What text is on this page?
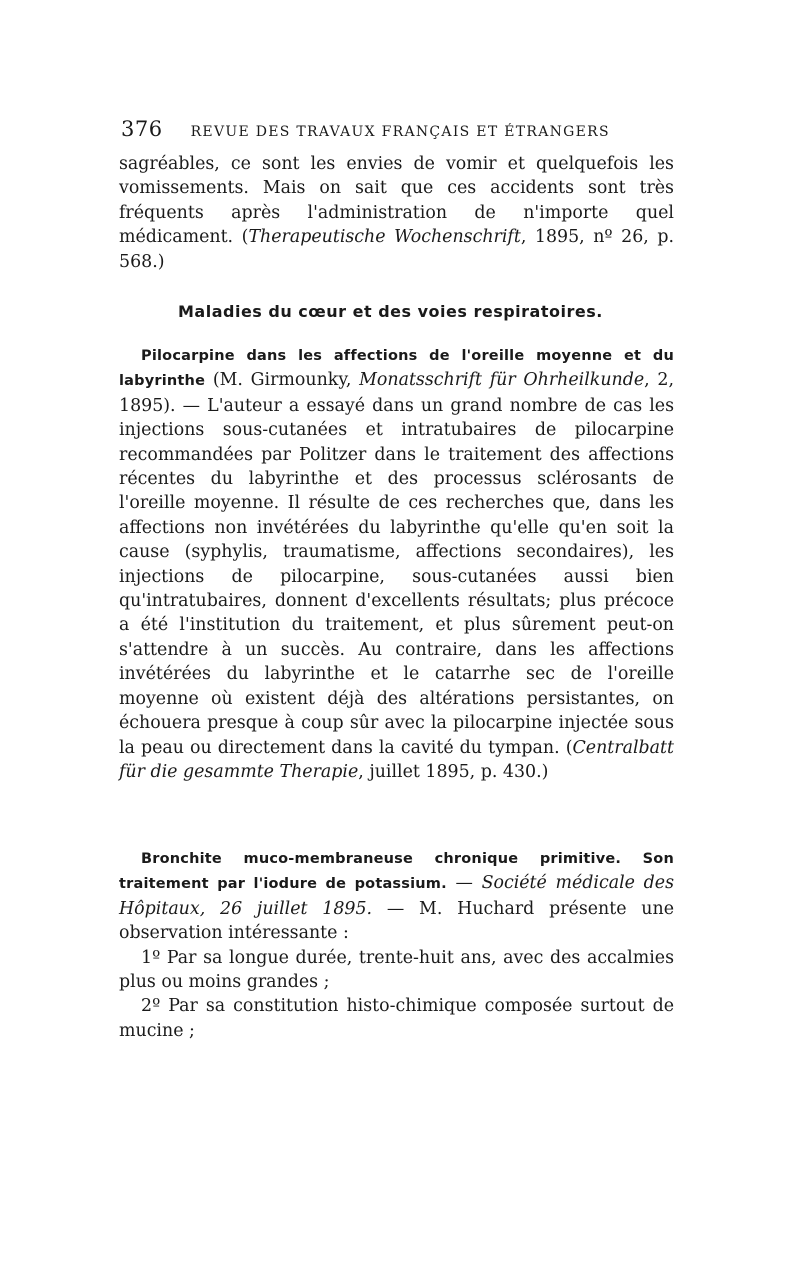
376 REVUE DES TRAVAUX FRANÇAIS ET ÉTRANGERS

sagréables, ce sont les envies de vomir et quelquefois les vomissements. Mais on sait que ces accidents sont très fréquents après l'administration de n'importe quel médicament. (Therapeutische Wochenschrift, 1895, nº 26, p. 568.)

Maladies du cœur et des voies respiratoires.

Pilocarpine dans les affections de l'oreille moyenne et du labyrinthe (M. Girmounky, Monatsschrift für Ohrheilkunde, 2, 1895). — L'auteur a essayé dans un grand nombre de cas les injections sous-cutanées et intratubaires de pilocarpine recommandées par Politzer dans le traitement des affections récentes du labyrinthe et des processus sclérosants de l'oreille moyenne. Il résulte de ces recherches que, dans les affections non invétérées du labyrinthe qu'elle qu'en soit la cause (syphylis, traumatisme, affections secondaires), les injections de pilocarpine, sous-cutanées aussi bien qu'intratubaires, donnent d'excellents résultats; plus précoce a été l'institution du traitement, et plus sûrement peut-on s'attendre à un succès. Au contraire, dans les affections invétérées du labyrinthe et le catarrhe sec de l'oreille moyenne où existent déjà des altérations persistantes, on échouera presque à coup sûr avec la pilocarpine injectée sous la peau ou directement dans la cavité du tympan. (Centralbatt für die gesammte Therapie, juillet 1895, p. 430.)

Bronchite muco-membraneuse chronique primitive. Son traitement par l'iodure de potassium. — Société médicale des Hôpitaux, 26 juillet 1895. — M. Huchard présente une observation intéressante :

1º Par sa longue durée, trente-huit ans, avec des accalmies plus ou moins grandes ;

2º Par sa constitution histo-chimique composée surtout de mucine ;
